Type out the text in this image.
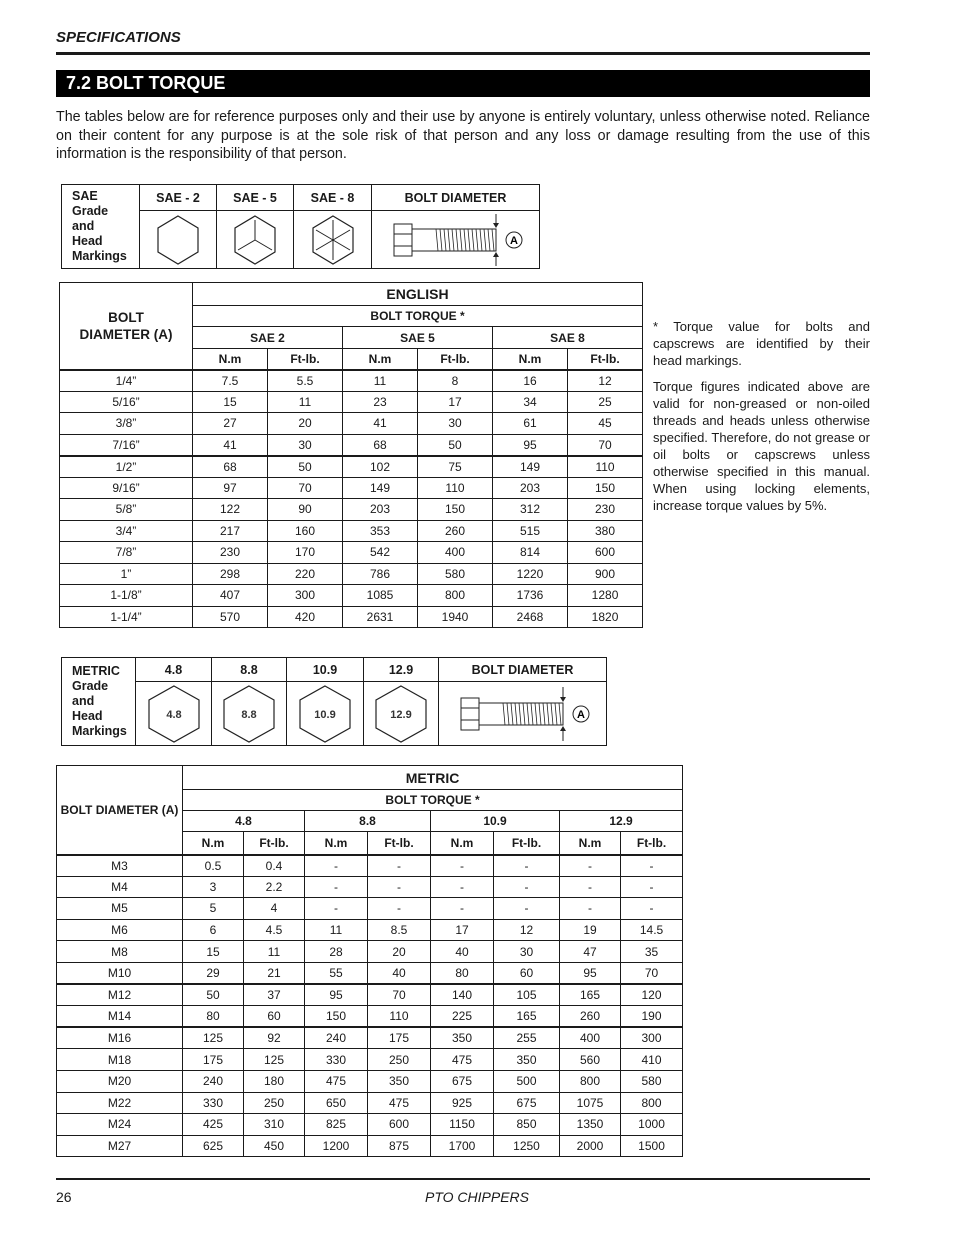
SPECIFICATIONS
7.2 BOLT TORQUE
The tables below are for reference purposes only and their use by anyone is entirely voluntary, unless otherwise noted. Reliance on their content for any purpose is at the sole risk of that person and any loss or damage resulting from the use of this information is the responsibility of that person.
SAE
Grade
and
Head
Markings	SAE - 2	SAE - 5	SAE - 8	BOLT DIAMETER

A
BOLT
DIAMETER (A)	ENGLISH					
	BOLT TORQUE *					
	SAE 2		SAE 5		SAE 8	
	N.m	Ft-lb.	N.m	Ft-lb.	N.m	Ft-lb.
1/4”	7.5	5.5	11	8	16	12
5/16”	15	11	23	17	34	25
3/8”	27	20	41	30	61	45
7/16”	41	30	68	50	95	70
1/2”	68	50	102	75	149	110
9/16”	97	70	149	110	203	150
5/8”	122	90	203	150	312	230
3/4”	217	160	353	260	515	380
7/8”	230	170	542	400	814	600
1”	298	220	786	580	1220	900
1-1/8”	407	300	1085	800	1736	1280
1-1/4”	570	420	2631	1940	2468	1820
* Torque value for bolts and capscrews are identified by their head markings.
Torque figures indicated above are valid for non-greased or non-oiled threads and heads unless otherwise specified. Therefore, do not grease or oil bolts or capscrews unless otherwise specified in this manual. When using locking elements, increase torque values by 5%.
METRIC
Grade
and
Head
Markings	4.8	8.8	10.9	12.9	BOLT DIAMETER

4.8	8.8	10.9	12.9	A
BOLT DIAMETER (A)	METRIC							
	BOLT TORQUE *							
	4.8		8.8		10.9		12.9	
	N.m	Ft-lb.	N.m	Ft-lb.	N.m	Ft-lb.	N.m	Ft-lb.
M3	0.5	0.4	-	-	-	-	-	-
M4	3	2.2	-	-	-	-	-	-
M5	5	4	-	-	-	-	-	-
M6	6	4.5	11	8.5	17	12	19	14.5
M8	15	11	28	20	40	30	47	35
M10	29	21	55	40	80	60	95	70
M12	50	37	95	70	140	105	165	120
M14	80	60	150	110	225	165	260	190
M16	125	92	240	175	350	255	400	300
M18	175	125	330	250	475	350	560	410
M20	240	180	475	350	675	500	800	580
M22	330	250	650	475	925	675	1075	800
M24	425	310	825	600	1150	850	1350	1000
M27	625	450	1200	875	1700	1250	2000	1500
26	PTO CHIPPERS
